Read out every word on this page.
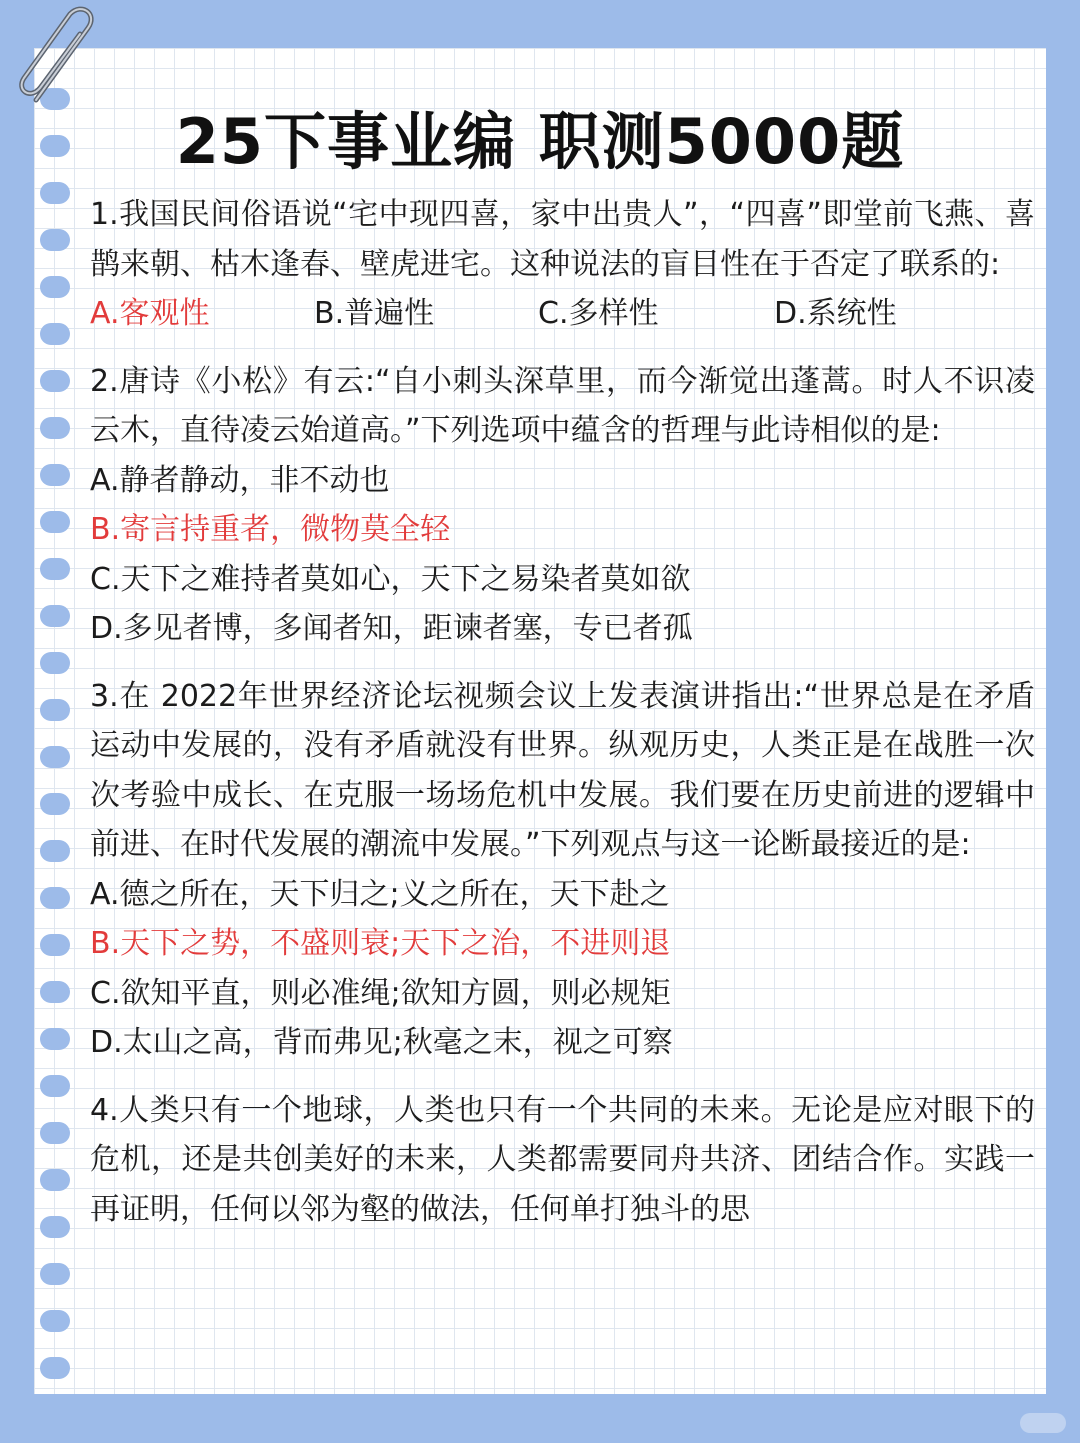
25下事业编 职测5000题

1.我国民间俗语说“宅中现四喜，家中出贵人”，“四喜”即堂前飞燕、喜鹊来朝、枯木逢春、壁虎进宅。这种说法的盲目性在于否定了联系的:

A.客观性	B.普遍性	C.多样性	D.系统性

2.唐诗《小松》有云:“自小刺头深草里，而今渐觉出蓬蒿。时人不识凌云木，直待凌云始道高。”下列选项中蕴含的哲理与此诗相似的是:

A.静者静动，非不动也
B.寄言持重者，微物莫全轻
C.天下之难持者莫如心，天下之易染者莫如欲
D.多见者博，多闻者知，距谏者塞，专已者孤

3.在 2022年世界经济论坛视频会议上发表演讲指出:“世界总是在矛盾运动中发展的，没有矛盾就没有世界。纵观历史，人类正是在战胜一次次考验中成长、在克服一场场危机中发展。我们要在历史前进的逻辑中前进、在时代发展的潮流中发展。”下列观点与这一论断最接近的是:

A.德之所在，天下归之;义之所在，天下赴之
B.天下之势，不盛则衰;天下之治，不进则退
C.欲知平直，则必准绳;欲知方圆，则必规矩
D.太山之高，背而弗见;秋毫之末，视之可察

4.人类只有一个地球，人类也只有一个共同的未来。无论是应对眼下的危机，还是共创美好的未来，人类都需要同舟共济、团结合作。实践一再证明，任何以邻为壑的做法，任何单打独斗的思
